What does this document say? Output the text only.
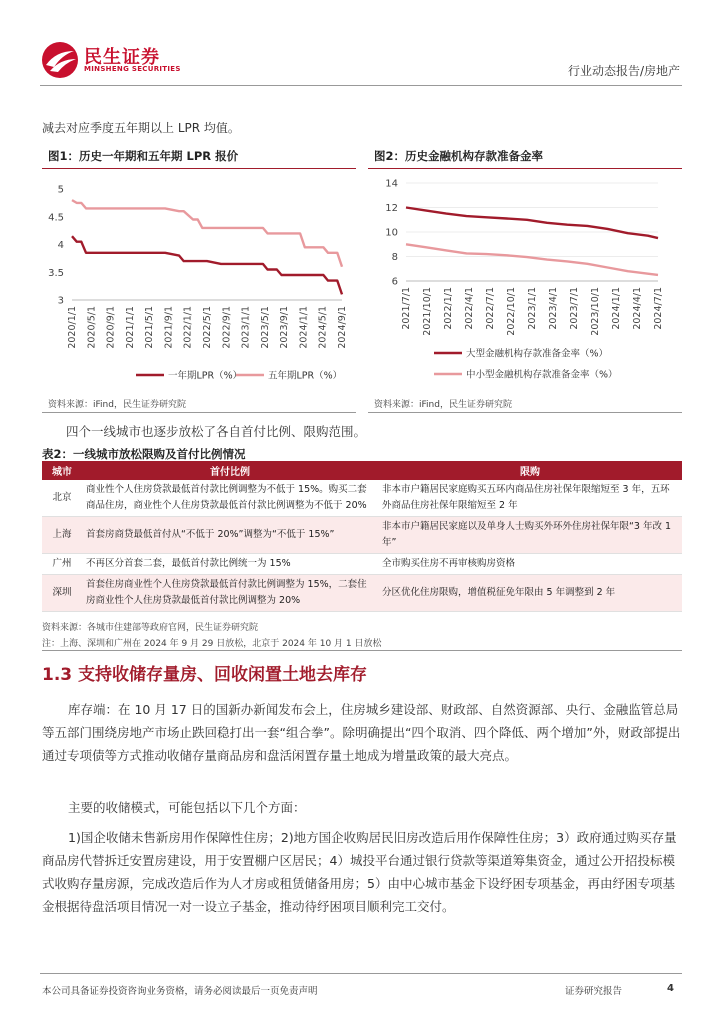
民生证券
MINSHENG SECURITIES	行业动态报告/房地产
减去对应季度五年期以上 LPR 均值。
图1：历史一年期和五年期 LPR 报价
3
3.5
4
4.5
5
2020/1/1 2020/5/1 2020/9/1 2021/1/1 2021/5/1 2021/9/1 2022/1/1 2022/5/1 2022/9/1 2023/1/1 2023/5/1 2023/9/1 2024/1/1 2024/5/1 2024/9/1
一年期LPR（%）	五年期LPR（%）
资料来源：iFind，民生证券研究院
图2：历史金融机构存款准备金率
6
8
10
12
14
2021/7/1 2021/10/1 2022/1/1 2022/4/1 2022/7/1 2022/10/1 2023/1/1 2023/4/1 2023/7/1 2023/10/1 2024/1/1 2024/4/1 2024/7/1
大型金融机构存款准备金率（%）
中小型金融机构存款准备金率（%）
资料来源：iFind，民生证券研究院
四个一线城市也逐步放松了各自首付比例、限购范围。
表2：一线城市放松限购及首付比例情况
城市	首付比例	限购
北京	商业性个人住房贷款最低首付款比例调整为不低于 15%。购买二套商品住房，商业性个人住房贷款最低首付款比例调整为不低于 20%	非本市户籍居民家庭购买五环内商品住房社保年限缩短至 3 年，五环外商品住房社保年限缩短至 2 年
上海	首套房商贷最低首付从“不低于 20%”调整为“不低于 15%”	非本市户籍居民家庭以及单身人士购买外环外住房社保年限“3 年改 1 年”
广州	不再区分首套二套，最低首付款比例统一为 15%	全市购买住房不再审核购房资格
深圳	首套住房商业性个人住房贷款最低首付款比例调整为 15%，二套住房商业性个人住房贷款最低首付款比例调整为 20%	分区优化住房限购，增值税征免年限由 5 年调整到 2 年
资料来源：各城市住建部等政府官网，民生证券研究院
注：上海、深圳和广州在 2024 年 9 月 29 日放松，北京于 2024 年 10 月 1 日放松
1.3 支持收储存量房、回收闲置土地去库存
库存端：在 10 月 17 日的国新办新闻发布会上，住房城乡建设部、财政部、自然资源部、央行、金融监管总局等五部门围绕房地产市场止跌回稳打出一套“组合拳”。除明确提出“四个取消、四个降低、两个增加”外，财政部提出通过专项债等方式推动收储存量商品房和盘活闲置存量土地成为增量政策的最大亮点。
主要的收储模式，可能包括以下几个方面：
1)国企收储未售新房用作保障性住房；2)地方国企收购居民旧房改造后用作保障性住房；3）政府通过购买存量商品房代替拆迁安置房建设，用于安置棚户区居民；4）城投平台通过银行贷款等渠道筹集资金，通过公开招投标模式收购存量房源，完成改造后作为人才房或租赁储备用房；5）由中心城市基金下设纾困专项基金，再由纾困专项基金根据待盘活项目情况一对一设立子基金，推动待纾困项目顺利完工交付。
本公司具备证券投资咨询业务资格，请务必阅读最后一页免责声明	证券研究报告	4
